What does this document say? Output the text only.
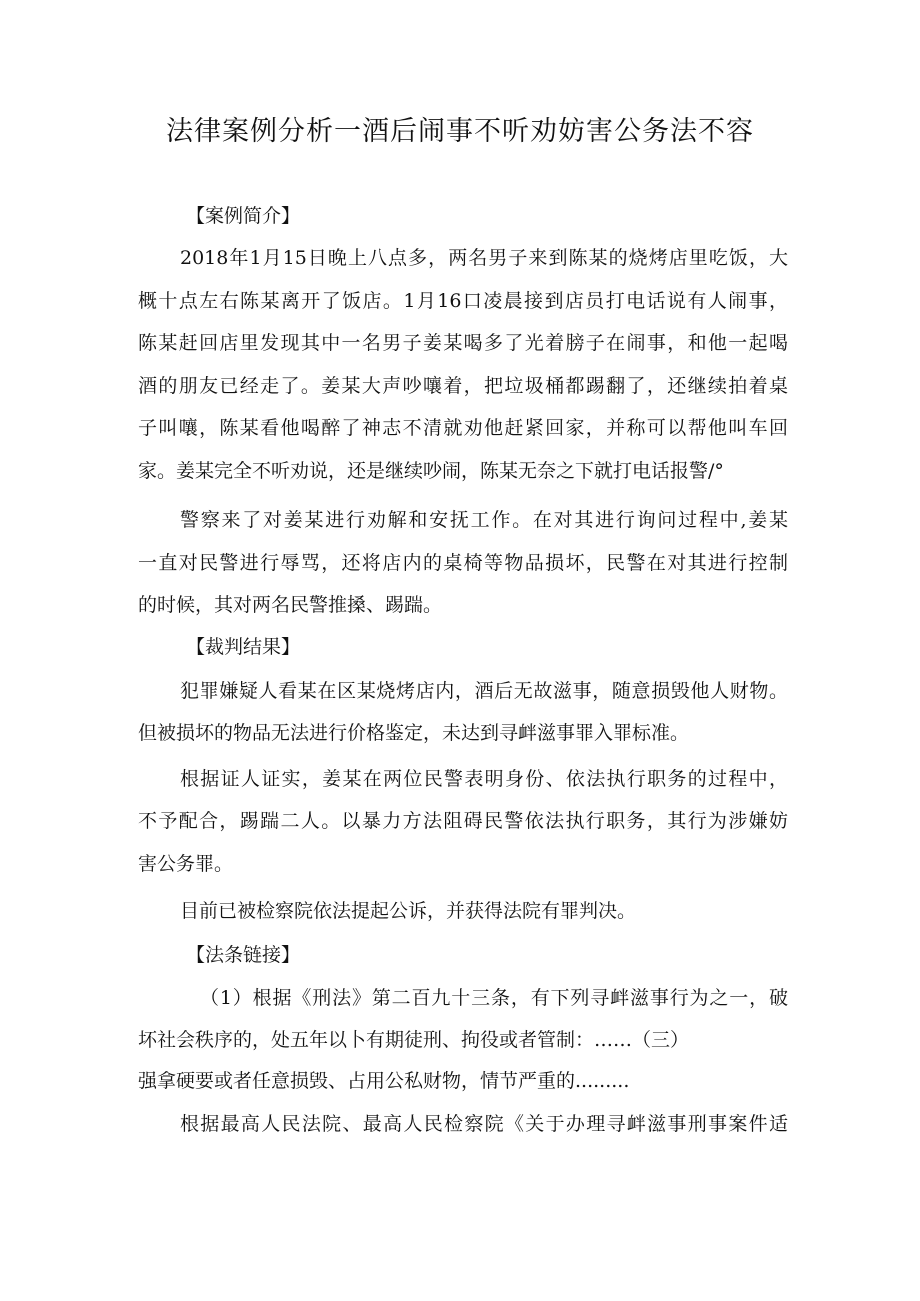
法律案例分析一酒后闹事不听劝妨害公务法不容

【案例简介】

2018年1月15日晚上八点多，两名男子来到陈某的烧烤店里吃饭，大

概十点左右陈某离开了饭店。1月16口凌晨接到店员打电话说有人闹事，

陈某赶回店里发现其中一名男子姜某喝多了光着膀子在闹事，和他一起喝

酒的朋友已经走了。姜某大声吵嚷着，把垃圾桶都踢翻了，还继续拍着桌

子叫嚷，陈某看他喝醉了神志不清就劝他赶紧回家，并称可以帮他叫车回

家。姜某完全不听劝说，还是继续吵闹，陈某无奈之下就打电话报警/°

警察来了对姜某进行劝解和安抚工作。在对其进行询问过程中,姜某

一直对民警进行辱骂，还将店内的桌椅等物品损坏，民警在对其进行控制

的时候，其对两名民警推搡、踢踹。

【裁判结果】

犯罪嫌疑人看某在区某烧烤店内，酒后无故滋事，随意损毁他人财物。

但被损坏的物品无法进行价格鉴定，未达到寻衅滋事罪入罪标准。

根据证人证实，姜某在两位民警表明身份、依法执行职务的过程中，

不予配合，踢踹二人。以暴力方法阻碍民警依法执行职务，其行为涉嫌妨

害公务罪。

目前已被检察院依法提起公诉，并获得法院有罪判决。

【法条链接】

（1）根据《刑法》第二百九十三条，有下列寻衅滋事行为之一，破

坏社会秩序的，处五年以卜有期徒刑、拘役或者管制：……（三）

强拿硬要或者任意损毁、占用公私财物，情节严重的.........

根据最高人民法院、最高人民检察院《关于办理寻衅滋事刑事案件适
